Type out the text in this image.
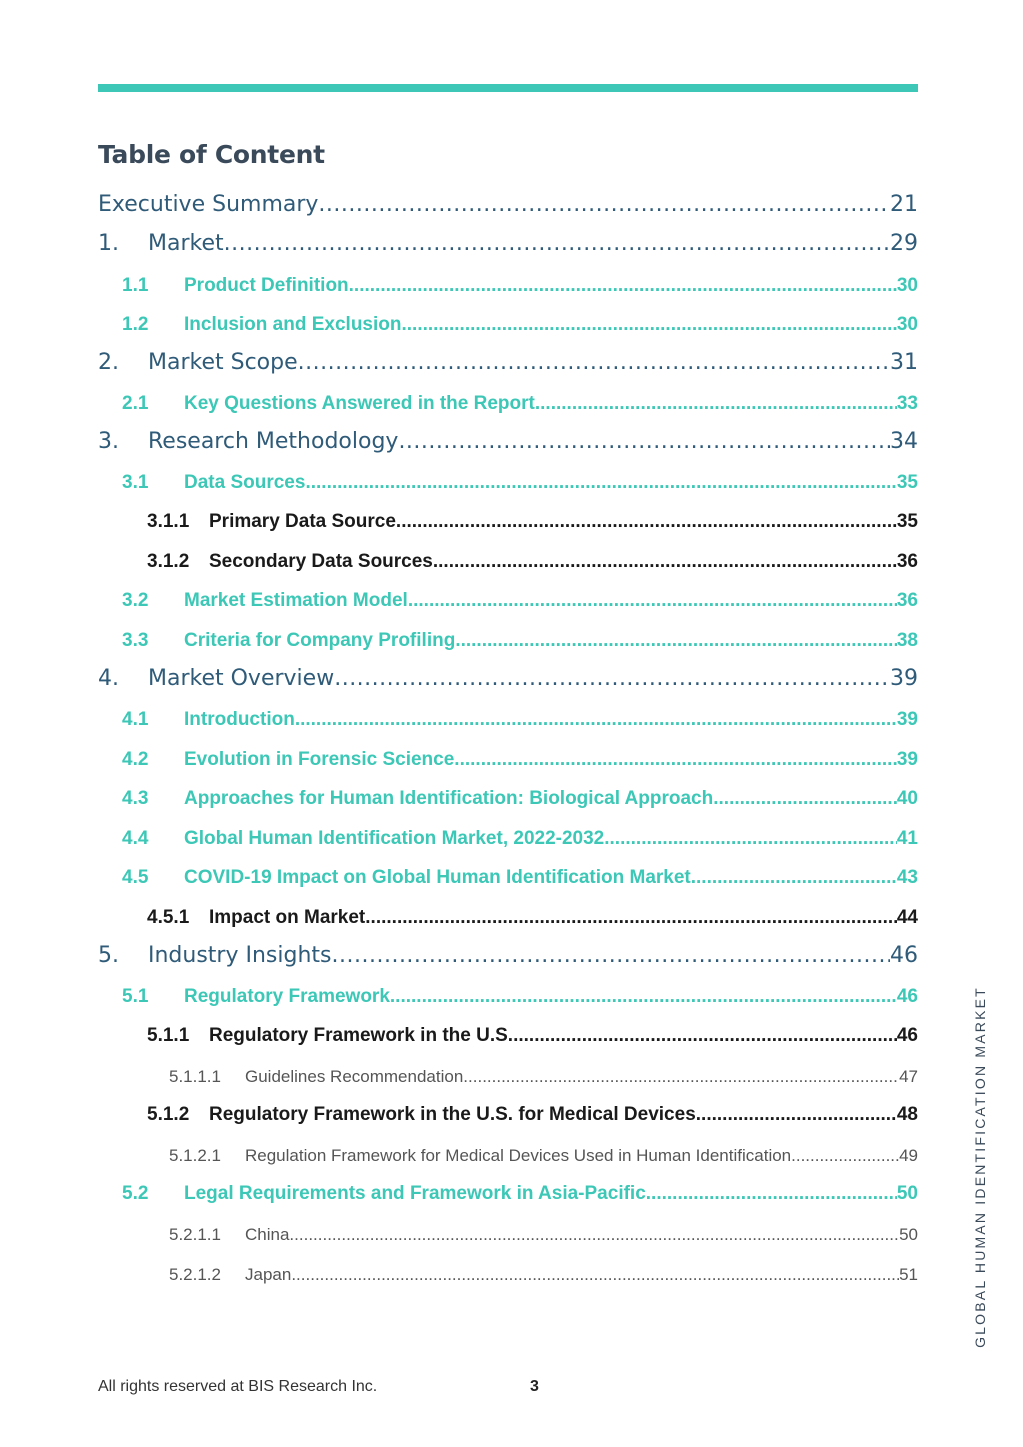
Table of Content
Executive Summary .....	21
1.	Market .....	29
1.1	Product Definition .....	30
1.2	Inclusion and Exclusion .....	30
2.	Market Scope .....	31
2.1	Key Questions Answered in the Report .....	33
3.	Research Methodology .....	34
3.1	Data Sources .....	35
3.1.1	Primary Data Source .....	35
3.1.2	Secondary Data Sources .....	36
3.2	Market Estimation Model .....	36
3.3	Criteria for Company Profiling .....	38
4.	Market Overview .....	39
4.1	Introduction .....	39
4.2	Evolution in Forensic Science .....	39
4.3	Approaches for Human Identification: Biological Approach .....	40
4.4	Global Human Identification Market, 2022-2032 .....	41
4.5	COVID-19 Impact on Global Human Identification Market .....	43
4.5.1	Impact on Market .....	44
5.	Industry Insights .....	46
5.1	Regulatory Framework .....	46
5.1.1	Regulatory Framework in the U.S .....	46
5.1.1.1	Guidelines Recommendation .....	47
5.1.2	Regulatory Framework in the U.S. for Medical Devices .....	48
5.1.2.1	Regulation Framework for Medical Devices Used in Human Identification .....	49
5.2	Legal Requirements and Framework in Asia-Pacific .....	50
5.2.1.1	China .....	50
5.2.1.2	Japan .....	51	GLOBAL HUMAN IDENTIFICATION MARKET
All rights reserved at BIS Research Inc.	3
